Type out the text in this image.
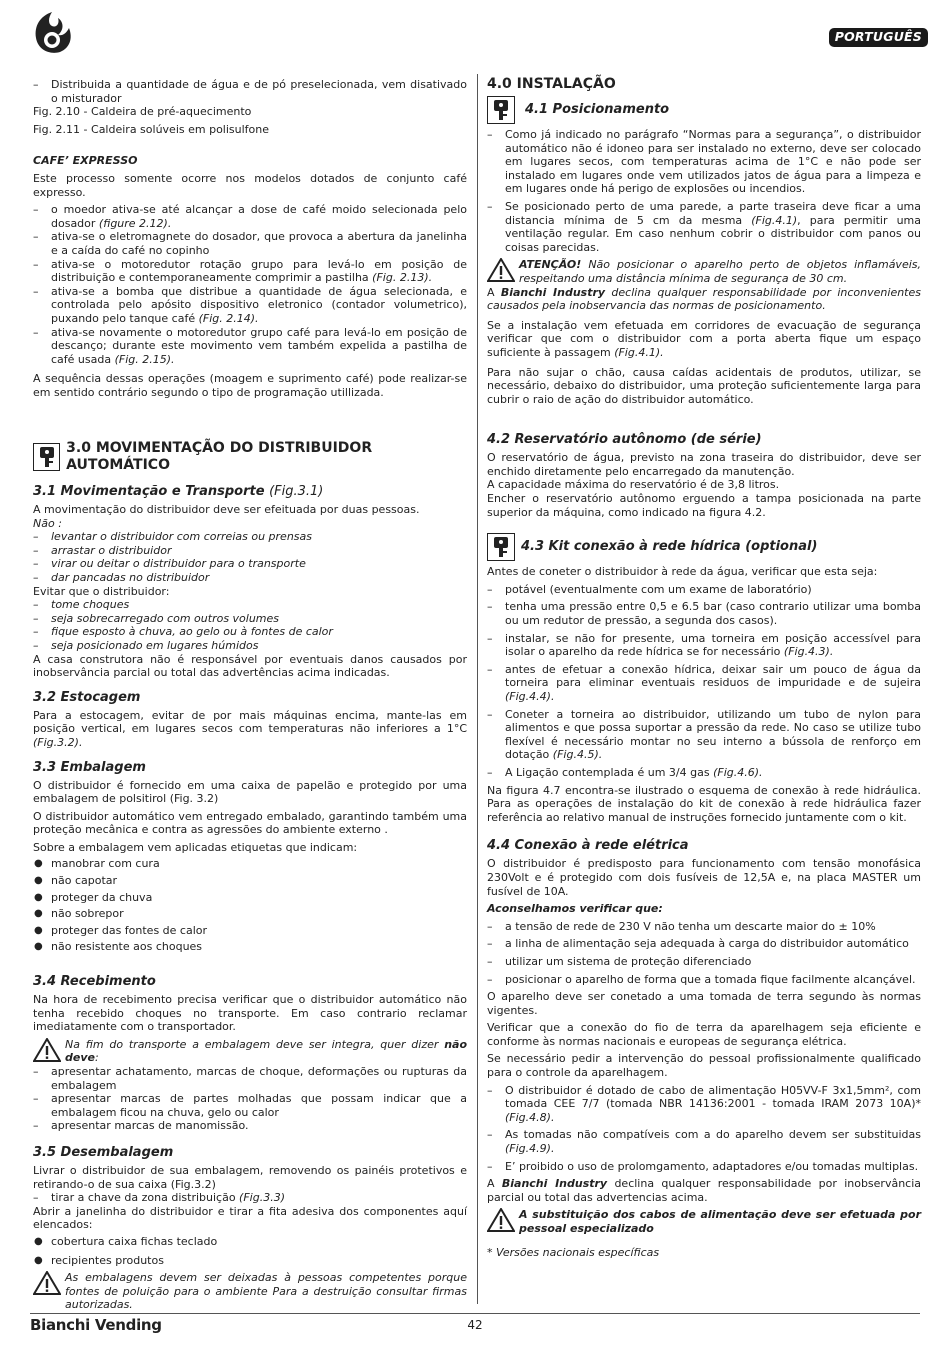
PORTUGUÊS
– Distribuida a quantidade de água e de pó preselecionada, vem disativado o misturador

Fig. 2.10 - Caldeira de pré-aquecimento

Fig. 2.11 - Caldeira solúveis em polisulfone

CAFE’ EXPRESSO

Este processo somente ocorre nos modelos dotados de conjunto café expresso.

– o moedor ativa-se até alcançar a dose de café moido selecionada pelo dosador (figure 2.12).
– ativa-se o eletromagnete do dosador, que provoca a abertura da janelinha e a caída do café no copinho
– ativa-se o motoredutor rotação grupo para levá-lo em posição de distribuição e contemporaneamente comprimir a pastilha (Fig. 2.13).
– ativa-se a bomba que distribue a quantidade de água selecionada, e controlada pelo apósito dispositivo eletronico (contador volumetrico), puxando pelo tanque café (Fig. 2.14).
– ativa-se novamente o motoredutor grupo café para levá-lo em posição de descanço; durante este movimento vem também expelida a pastilha de café usada (Fig. 2.15).

A sequência dessas operações (moagem e suprimento café) pode realizar-se em sentido contrário segundo o tipo de programação utillizada.

3.0 MOVIMENTAÇÃO DO DISTRIBUIDOR AUTOMÁTICO

3.1 Movimentação e Transporte (Fig.3.1)

A movimentação do distribuidor deve ser efeituada por duas pessoas.

Não :

– levantar o distribuidor com correias ou prensas
– arrastar o distribuidor
– virar ou deitar o distribuidor para o transporte
– dar pancadas no distribuidor

Evitar que o distribuidor:

– tome choques
– seja sobrecarregado com outros volumes
– fique esposto à chuva, ao gelo ou à fontes de calor
– seja posicionado em lugares húmidos

A casa construtora não é responsável por eventuais danos causados por inobservância parcial ou total das advertências acima indicadas.

3.2 Estocagem

Para a estocagem, evitar de por mais máquinas encima, mante-las em posição vertical, em lugares secos com temperaturas não inferiores a 1°C (Fig.3.2).

3.3 Embalagem

O distribuidor é fornecido em uma caixa de papelão e protegido por uma embalagem de polsitirol (Fig. 3.2)

O distribuidor automático vem entregado embalado, garantindo também uma proteção mecânica e contra as agressões do ambiente externo .

Sobre a embalagem vem aplicadas etiquetas que indicam:

● manobrar com cura
● não capotar
● proteger da chuva
● não sobrepor
● proteger das fontes de calor
● não resistente aos choques

3.4 Recebimento

Na hora de recebimento precisa verificar que o distribuidor automático não tenha recebido choques no transporte. Em caso contrario reclamar imediatamente com o transportador.

Na fim do transporte a embalagem deve ser integra, quer dizer não deve:

– apresentar achatamento, marcas de choque, deformações ou rupturas da embalagem
– apresentar marcas de partes molhadas que possam indicar que a embalagem ficou na chuva, gelo ou calor
– apresentar marcas de manomissão.

3.5 Desembalagem

Livrar o distribuidor de sua embalagem, removendo os painéis protetivos e retirando-o de sua caixa (Fig.3.2)

– tirar a chave da zona distribuição (Fig.3.3)

Abrir a janelinha do distribuidor e tirar a fita adesiva dos componentes aquí elencados:

● cobertura caixa fichas teclado
● recipientes produtos

As embalagens devem ser deixadas à pessoas competentes porque fontes de poluição para o ambiente Para a destruição consultar firmas autorizadas.

4.0 INSTALAÇÃO

4.1 Posicionamento
– Como já indicado no parágrafo “Normas para a segurança”, o distribuidor automático não é idoneo para ser instalado no externo, deve ser colocado em lugares secos, com temperaturas acima de 1°C e não pode ser instalado em lugares onde vem utilizados jatos de água para a limpeza e em lugares onde há perigo de explosões ou incendios.
– Se posicionado perto de uma parede, a parte traseira deve ficar a uma distancia mínima de 5 cm da mesma (Fig.4.1), para permitir uma ventilação regular. Em caso nenhum cobrir o distribuidor com panos ou coisas parecidas.

ATENÇÃO! Não posicionar o aparelho perto de objetos inflamáveis, respeitando uma distância mínima de segurança de 30 cm.

A Bianchi Industry declina qualquer responsabilidade por inconvenientes causados pela inobservancia das normas de posicionamento.

Se a instalação vem efetuada em corridores de evacuação de segurança verificar que com o distribuidor com a porta aberta fique um espaço suficiente à passagem (Fig.4.1).

Para não sujar o chão, causa caídas acidentais de produtos, utilizar, se necessário, debaixo do distribuidor, uma proteção suficientemente larga para cubrir o raio de ação do distribuidor automático.

4.2 Reservatório autônomo (de série)

O reservatório de água, previsto na zona traseira do distribuidor, deve ser enchido diretamente pelo encarregado da manutenção.

A capacidade máxima do reservatório é de 3,8 litros.

Encher o reservatório autônomo erguendo a tampa posicionada na parte superior da máquina, como indicado na figura 4.2.

4.3 Kit conexão à rede hídrica (optional)

Antes de coneter o distribuidor à rede da água, verificar que esta seja:

– potável (eventualmente com um exame de laboratório)
– tenha uma pressão entre 0,5 e 6.5 bar (caso contrario utilizar uma bomba ou um redutor de pressão, a segunda dos casos).
– instalar, se não for presente, uma torneira em posição accessível para isolar o aparelho da rede hídrica se for necessário (Fig.4.3).
– antes de efetuar a conexão hídrica, deixar sair um pouco de água da torneira para eliminar eventuais residuos de impuridade e de sujeira (Fig.4.4).
– Coneter a torneira ao distribuidor, utilizando um tubo de nylon para alimentos e que possa suportar a pressão da rede. No caso se utilize tubo flexível é necessário montar no seu interno a bússola de renforço em dotação (Fig.4.5).
– A Ligação contemplada é um 3/4 gas (Fig.4.6).

Na figura 4.7 encontra-se ilustrado o esquema de conexão à rede hidráulica. Para as operações de instalação do kit de conexão à rede hidráulica fazer referência ao relativo manual de instruções fornecido juntamente com o kit.

4.4 Conexão à rede elétrica

O distribuidor é predisposto para funcionamento com tensão monofásica 230Volt e é protegido com dois fusíveis de 12,5A e, na placa MASTER um fusível de 10A.

Aconselhamos verificar que:

– a tensão de rede de 230 V não tenha um descarte maior do ± 10%
– a linha de alimentação seja adequada à carga do distribuidor automático
– utilizar um sistema de proteção diferenciado
– posicionar o aparelho de forma que a tomada fique facilmente alcançável.

O aparelho deve ser conetado a uma tomada de terra segundo às normas vigentes.

Verificar que a conexão do fio de terra da aparelhagem seja eficiente e conforme às normas nacionais e europeas de segurança elétrica.

Se necessário pedir a intervenção do pessoal profissionalmente qualificado para o controle da aparelhagem.

– O distribuidor é dotado de cabo de alimentação H05VV-F 3x1,5mm², com tomada CEE 7/7 (tomada NBR 14136:2001 - tomada IRAM 2073 10A)* (Fig.4.8).
– As tomadas não compatíveis com a do aparelho devem ser substituidas (Fig.4.9).
– E’ proibido o uso de prolomgamento, adaptadores e/ou tomadas multiplas.

A Bianchi Industry declina qualquer responsabilidade por inobservância parcial ou total das advertencias acima.

A substituição dos cabos de alimentação deve ser efetuada por pessoal especializado

* Versões nacionais específicas

Bianchi Vending	42
